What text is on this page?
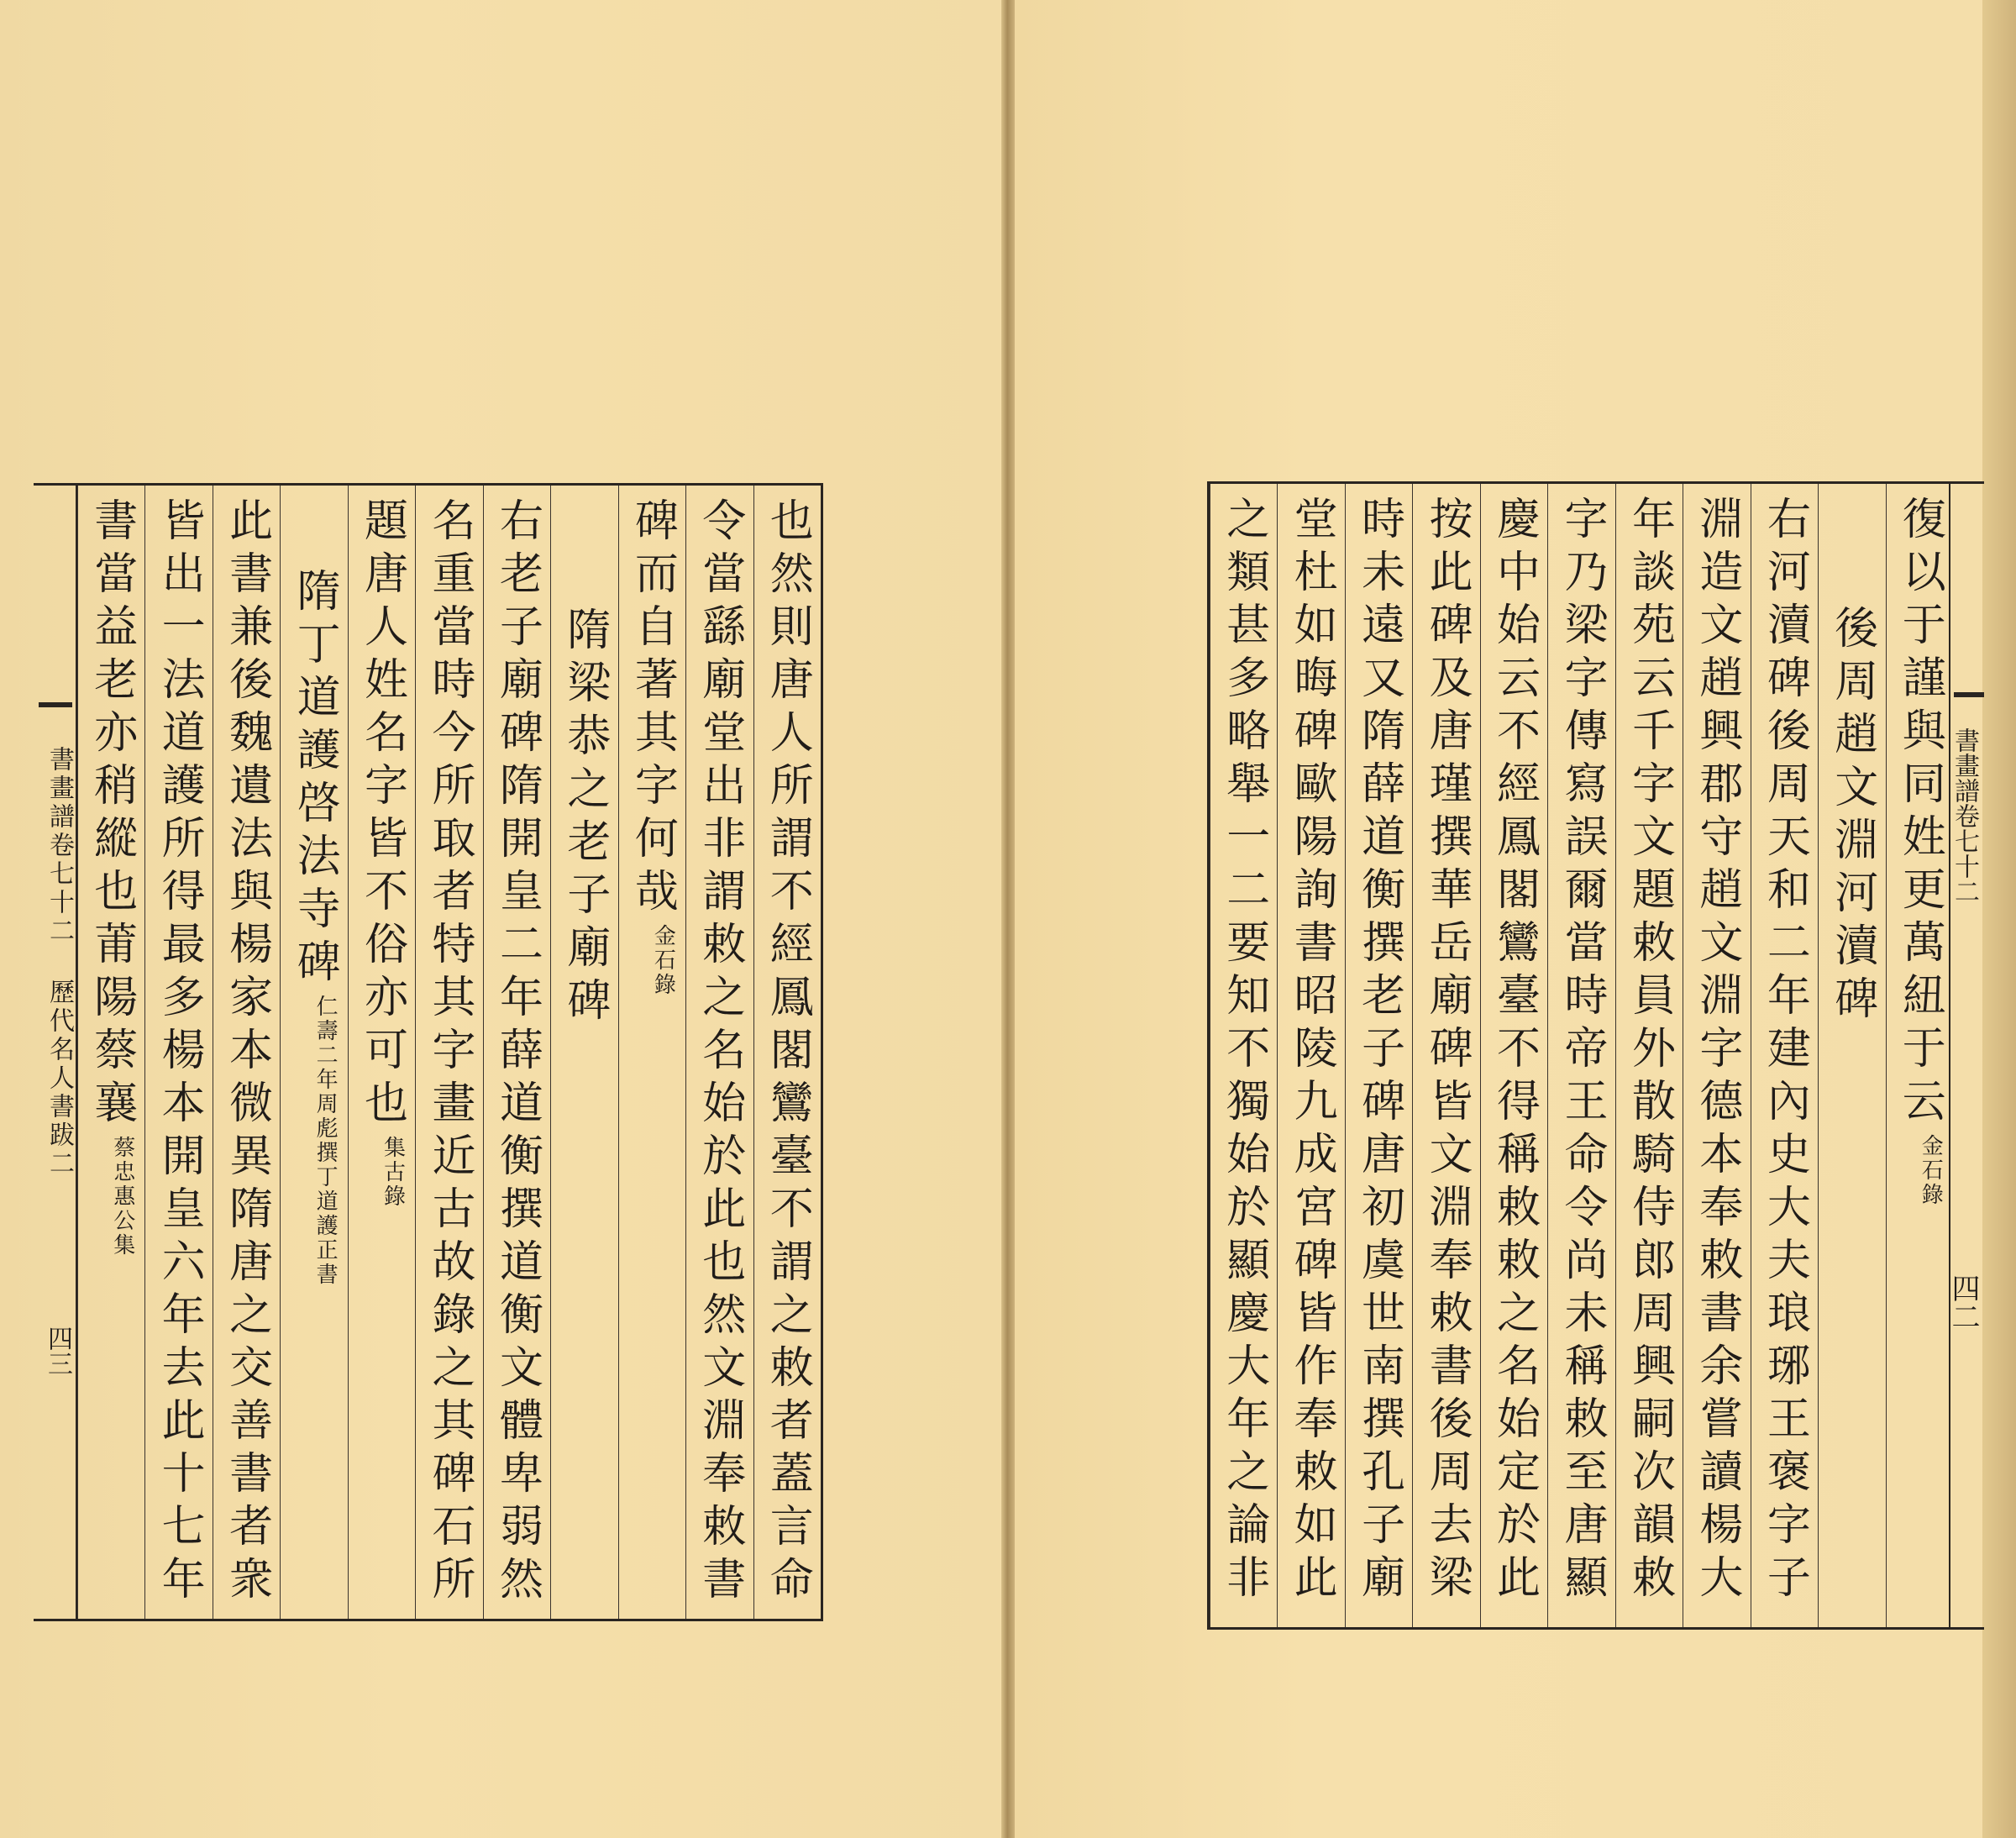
書畫譜卷七十二 歷代名人書跋二
四三	也然則唐人所謂不經鳳閣鸞臺不謂之敕者蓋言命
令當繇廟堂出非謂敕之名始於此也然文淵奉敕書
碑而自著其字何哉金石錄
隋梁恭之老子廟碑
右老子廟碑隋開皇二年薛道衡撰道衡文體卑弱然
名重當時今所取者特其字畫近古故錄之其碑石所
題唐人姓名字皆不俗亦可也集古錄
隋丁道護啓法寺碑仁壽二年周彪撰丁道護正書
此書兼後魏遺法與楊家本微異隋唐之交善書者衆
皆出一法道護所得最多楊本開皇六年去此十七年
書當益老亦稍縱也莆陽蔡襄蔡忠惠公集
書畫譜卷七十二
四二
復以于謹與同姓更萬紐于云金石錄
後周趙文淵河瀆碑
右河瀆碑後周天和二年建內史大夫琅琊王褒字子
淵造文趙興郡守趙文淵字德本奉敕書余嘗讀楊大
年談苑云千字文題敕員外散騎侍郎周興嗣次韻敕
字乃梁字傳寫誤爾當時帝王命令尚未稱敕至唐顯
慶中始云不經鳳閣鸞臺不得稱敕敕之名始定於此
按此碑及唐瑾撰華岳廟碑皆文淵奉敕書後周去梁
時未遠又隋薛道衡撰老子碑唐初虞世南撰孔子廟
堂杜如晦碑歐陽詢書昭陵九成宮碑皆作奉敕如此
之類甚多略舉一二要知不獨始於顯慶大年之論非
